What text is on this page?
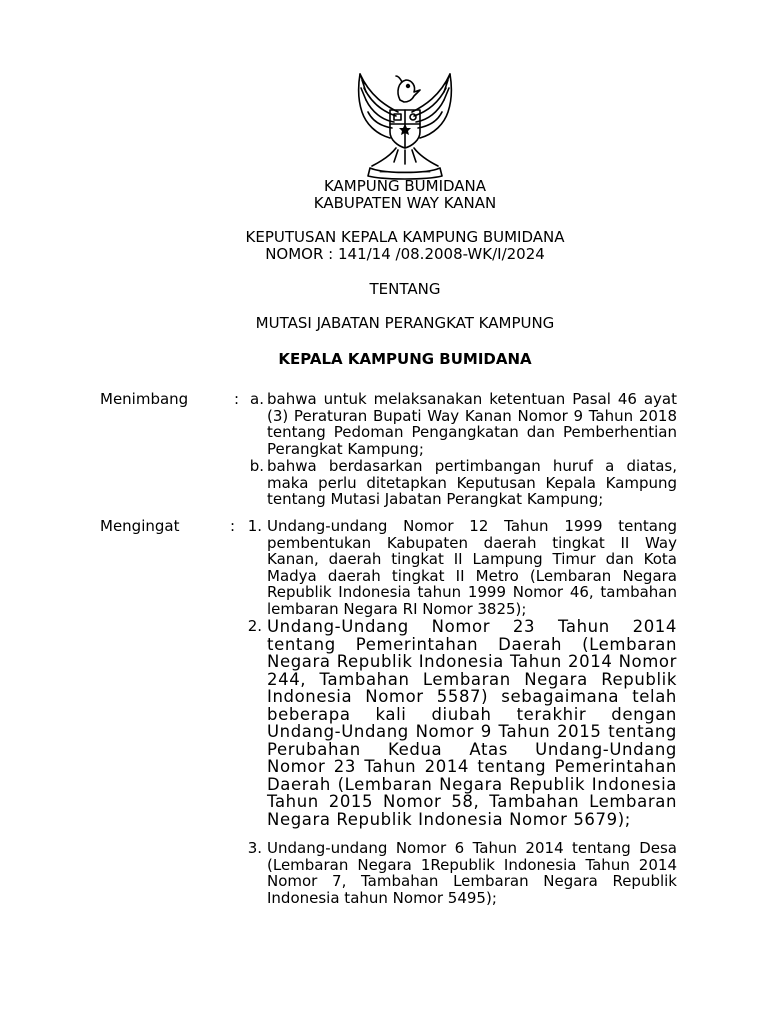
KAMPUNG BUMIDANA
KABUPATEN WAY KANAN
KEPUTUSAN KEPALA KAMPUNG BUMIDANA
NOMOR : 141/14 /08.2008-WK/I/2024
TENTANG
MUTASI JABATAN PERANGKAT KAMPUNG
KEPALA KAMPUNG BUMIDANA
Menimbang	: a. bahwa untuk melaksanakan ketentuan Pasal 46 ayat (3) Peraturan Bupati Way Kanan Nomor 9 Tahun 2018 tentang Pedoman Pengangkatan dan Pemberhentian Perangkat Kampung;
b. bahwa berdasarkan pertimbangan huruf a diatas, maka perlu ditetapkan Keputusan Kepala Kampung tentang Mutasi Jabatan Perangkat Kampung;
Mengingat	: 1. Undang-undang Nomor 12 Tahun 1999 tentang pembentukan Kabupaten daerah tingkat II Way Kanan, daerah tingkat II Lampung Timur dan Kota Madya daerah tingkat II Metro (Lembaran Negara Republik Indonesia tahun 1999 Nomor 46, tambahan lembaran Negara RI Nomor 3825);
2. Undang-Undang Nomor 23 Tahun 2014 tentang Pemerintahan Daerah (Lembaran Negara Republik Indonesia Tahun 2014 Nomor 244, Tambahan Lembaran Negara Republik Indonesia Nomor 5587) sebagaimana telah beberapa kali diubah terakhir dengan Undang-Undang Nomor 9 Tahun 2015 tentang Perubahan Kedua Atas Undang-Undang Nomor 23 Tahun 2014 tentang Pemerintahan Daerah (Lembaran Negara Republik Indonesia Tahun 2015 Nomor 58, Tambahan Lembaran Negara Republik Indonesia Nomor 5679);
3. Undang-undang Nomor 6 Tahun 2014 tentang Desa (Lembaran Negara 1Republik Indonesia Tahun 2014 Nomor 7, Tambahan Lembaran Negara Republik Indonesia tahun Nomor 5495);
